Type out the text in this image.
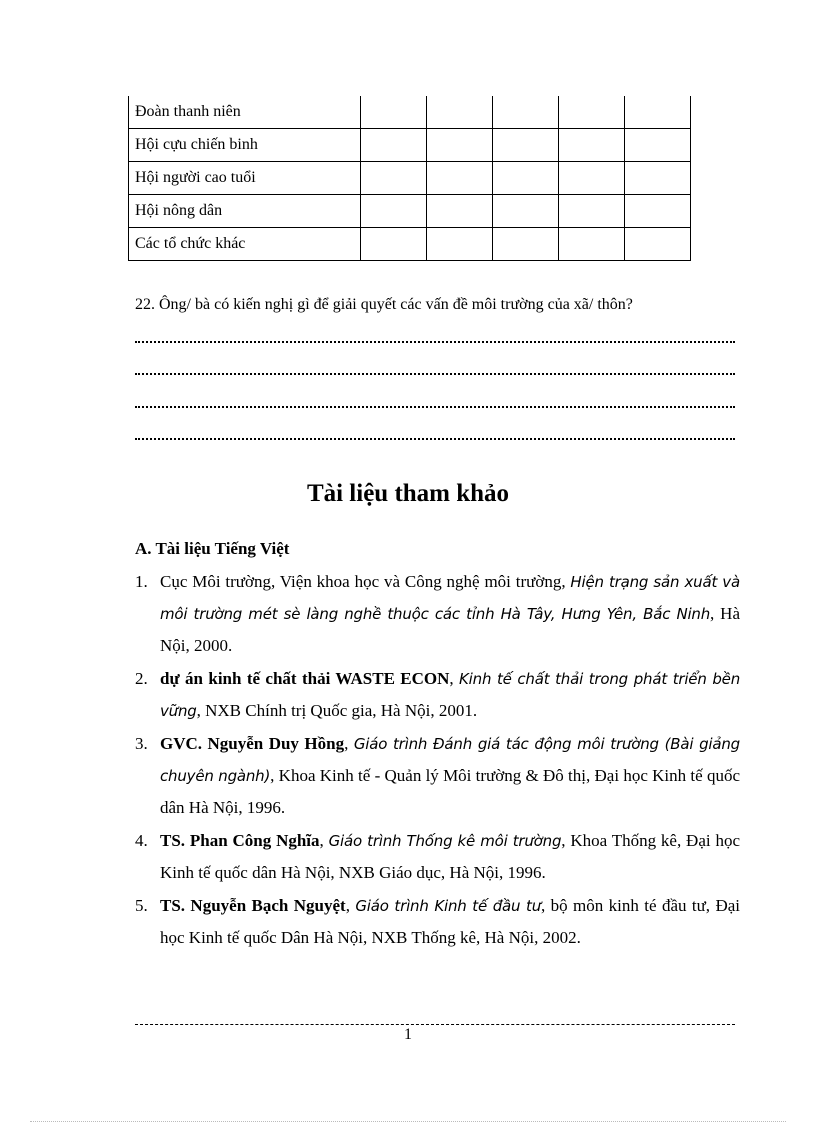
Đoàn thanh niên					
Hội cựu chiến binh					
Hội người cao tuổi					
Hội nông dân					
Các tổ chức khác					
22. Ông/ bà có kiến nghị gì để giải quyết các vấn đề môi trường của xã/ thôn?
Tài liệu tham khảo
A. Tài liệu Tiếng Việt
1. Cục Môi trường, Viện khoa học và Công nghệ môi trường, Hiện trạng sản xuất và môi trường mét sè làng nghề thuộc các tỉnh Hà Tây, Hưng Yên, Bắc Ninh, Hà Nội, 2000.
2. dự án kinh tế chất thải WASTE ECON, Kinh tế chất thải trong phát triển bền vững, NXB Chính trị Quốc gia, Hà Nội, 2001.
3. GVC. Nguyễn Duy Hồng, Giáo trình Đánh giá tác động môi trường (Bài giảng chuyên ngành), Khoa Kinh tế - Quản lý Môi trường & Đô thị, Đại học Kinh tế quốc dân Hà Nội, 1996.
4. TS. Phan Công Nghĩa, Giáo trình Thống kê môi trường, Khoa Thống kê, Đại học Kinh tế quốc dân Hà Nội, NXB Giáo dục, Hà Nội, 1996.
5. TS. Nguyễn Bạch Nguyệt, Giáo trình Kinh tế đầu tư, bộ môn kinh té đầu tư, Đại học Kinh tế quốc Dân Hà Nội, NXB Thống kê, Hà Nội, 2002.
1
